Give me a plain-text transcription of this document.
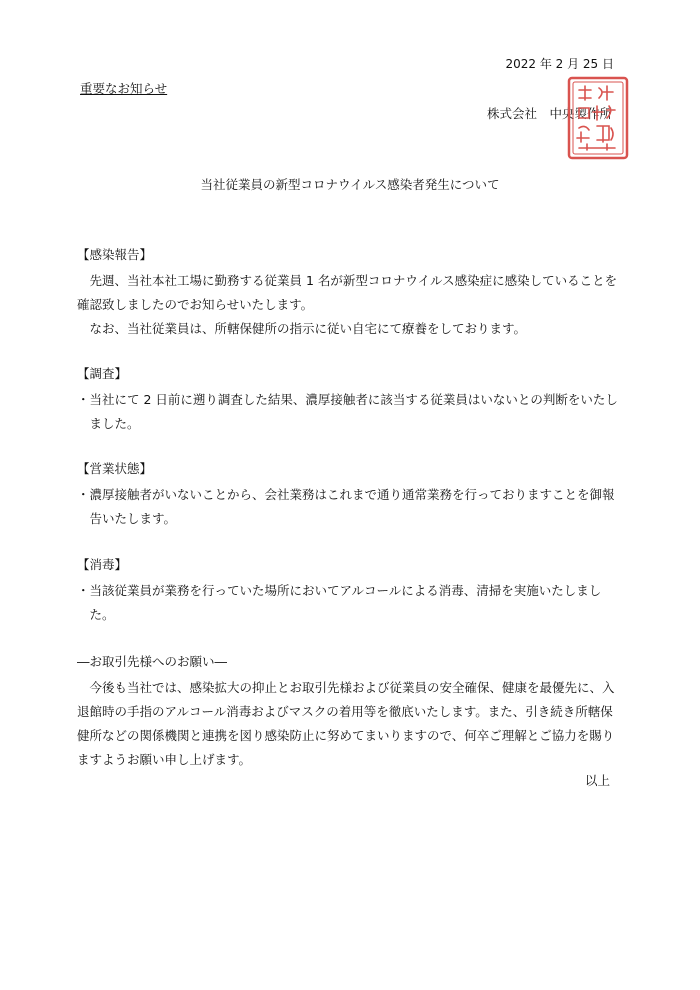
2022 年 2 月 25 日
重要なお知らせ
株式会社　中央製作所
当社従業員の新型コロナウイルス感染者発生について
【感染報告】
先週、当社本社工場に勤務する従業員 1 名が新型コロナウイルス感染症に感染していることを確認致しましたのでお知らせいたします。
なお、当社従業員は、所轄保健所の指示に従い自宅にて療養をしております。
【調査】
・当社にて 2 日前に遡り調査した結果、濃厚接触者に該当する従業員はいないとの判断をいたしました。
【営業状態】
・濃厚接触者がいないことから、会社業務はこれまで通り通常業務を行っておりますことを御報告いたします。
【消毒】
・当該従業員が業務を行っていた場所においてアルコールによる消毒、清掃を実施いたしました。
―お取引先様へのお願い―
今後も当社では、感染拡大の抑止とお取引先様および従業員の安全確保、健康を最優先に、入退館時の手指のアルコール消毒およびマスクの着用等を徹底いたします。また、引き続き所轄保健所などの関係機関と連携を図り感染防止に努めてまいりますので、何卒ご理解とご協力を賜りますようお願い申し上げます。
以上
